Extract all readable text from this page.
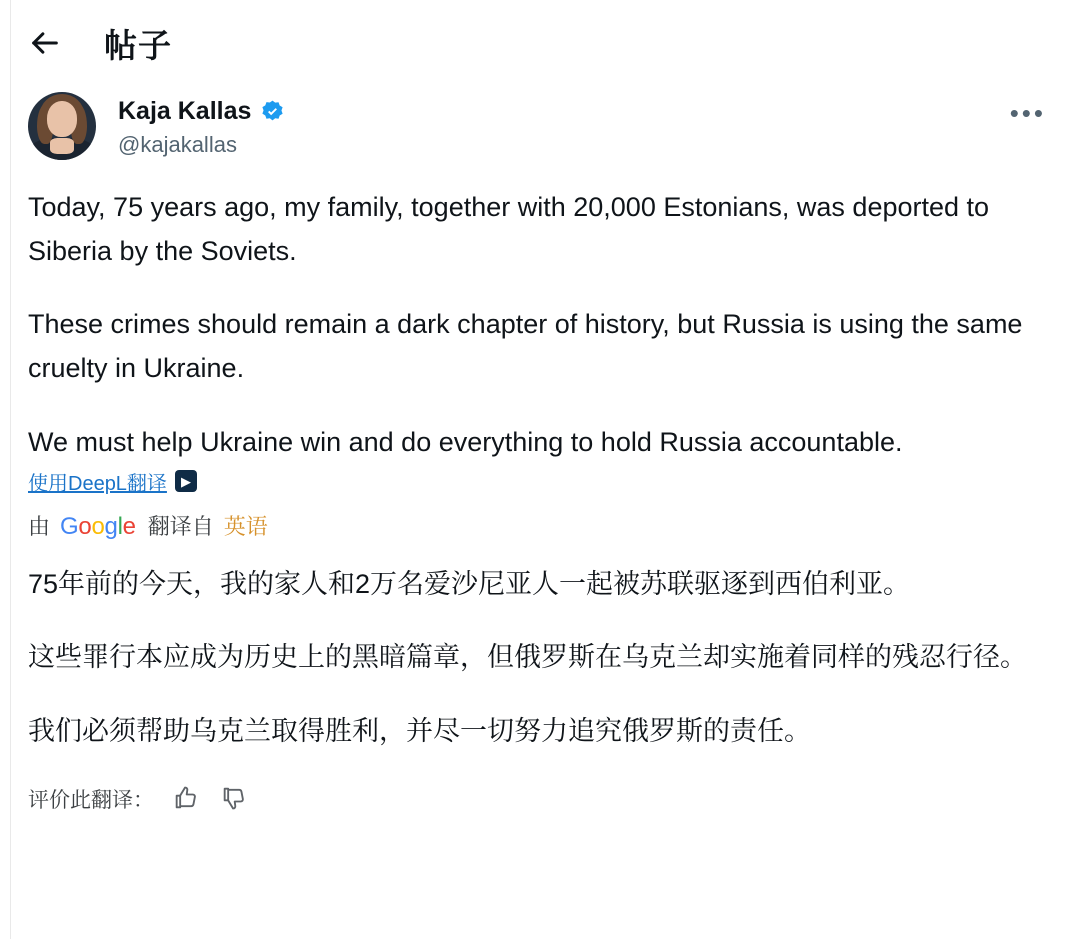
帖子
Kaja Kallas
@kajakallas
•••

Today, 75 years ago, my family, together with 20,000 Estonians, was deported to Siberia by the Soviets.

These crimes should remain a dark chapter of history, but Russia is using the same cruelty in Ukraine.

We must help Ukraine win and do everything to hold Russia accountable.

使用DeepL翻译	▶
由 Google 翻译自 英语

75年前的今天，我的家人和2万名爱沙尼亚人一起被苏联驱逐到西伯利亚。

这些罪行本应成为历史上的黑暗篇章，但俄罗斯在乌克兰却实施着同样的残忍行径。

我们必须帮助乌克兰取得胜利，并尽一切努力追究俄罗斯的责任。

评价此翻译：
